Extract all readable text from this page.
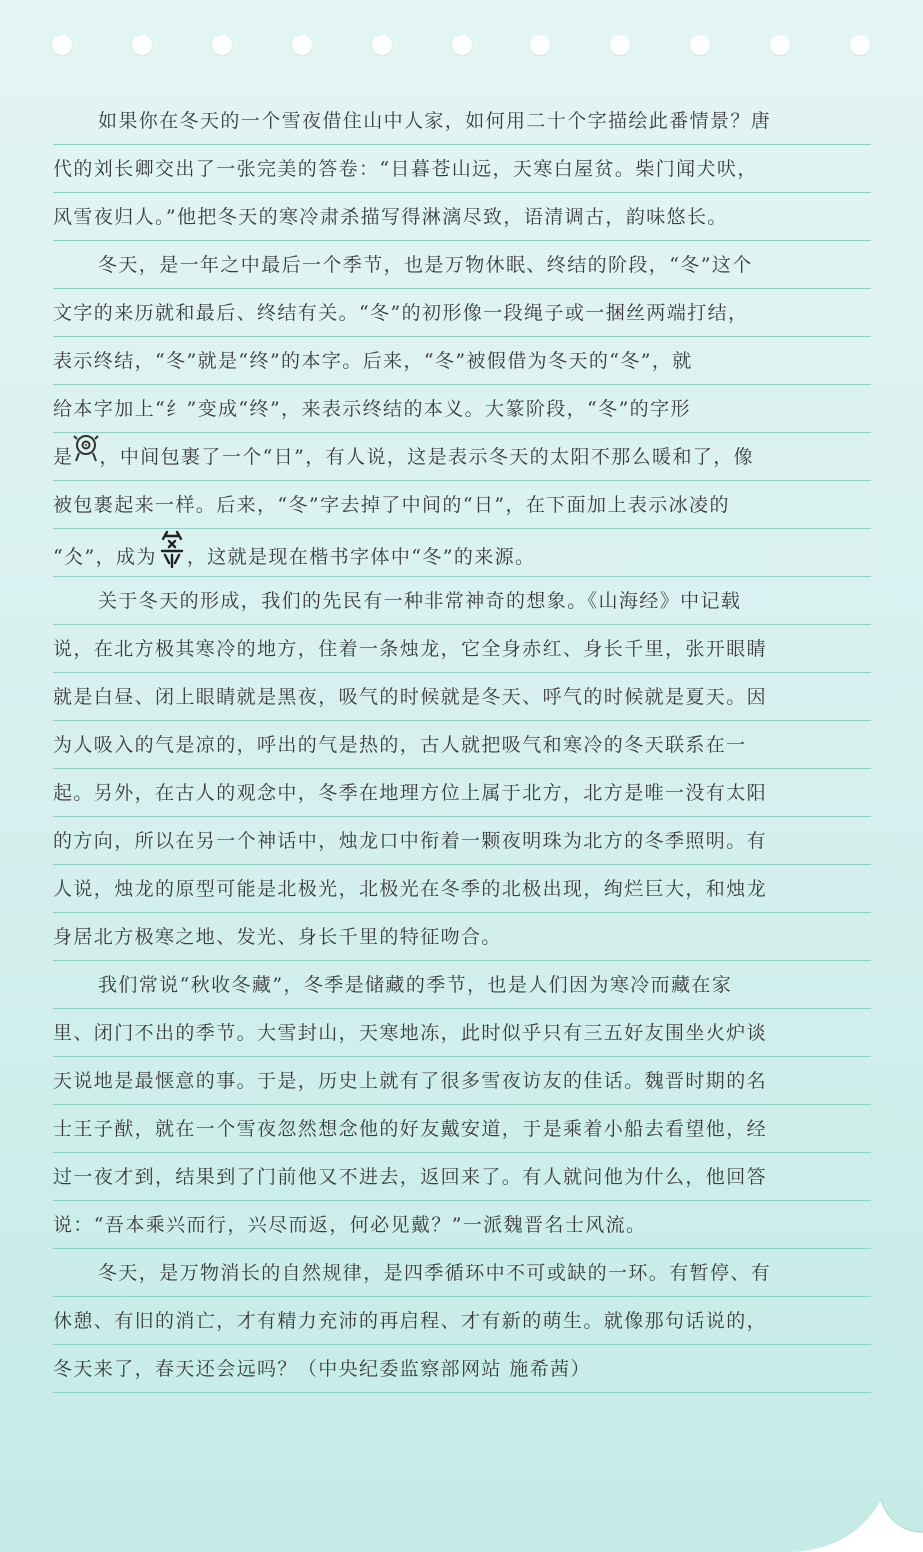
如果你在冬天的一个雪夜借住山中人家，如何用二十个字描绘此番情景？唐
代的刘长卿交出了一张完美的答卷：“日暮苍山远，天寒白屋贫。柴门闻犬吠，
风雪夜归人。”他把冬天的寒冷肃杀描写得淋漓尽致，语清调古，韵味悠长。
冬天，是一年之中最后一个季节，也是万物休眠、终结的阶段，“冬”这个
文字的来历就和最后、终结有关。“冬”的初形像一段绳子或一捆丝两端打结，
表示终结，“冬”就是“终”的本字。后来，“冬”被假借为冬天的“冬”，就
给本字加上“纟”变成“终”，来表示终结的本义。大篆阶段，“冬”的字形
是 ，中间包裹了一个“日”，有人说，这是表示冬天的太阳不那么暖和了，像
被包裹起来一样。后来，“冬”字去掉了中间的“日”，在下面加上表示冰凌的
“仌”，成为 ，这就是现在楷书字体中“冬”的来源。
关于冬天的形成，我们的先民有一种非常神奇的想象。《山海经》中记载
说，在北方极其寒冷的地方，住着一条烛龙，它全身赤红、身长千里，张开眼睛
就是白昼、闭上眼睛就是黑夜，吸气的时候就是冬天、呼气的时候就是夏天。因
为人吸入的气是凉的，呼出的气是热的，古人就把吸气和寒冷的冬天联系在一
起。另外，在古人的观念中，冬季在地理方位上属于北方，北方是唯一没有太阳
的方向，所以在另一个神话中，烛龙口中衔着一颗夜明珠为北方的冬季照明。有
人说，烛龙的原型可能是北极光，北极光在冬季的北极出现，绚烂巨大，和烛龙
身居北方极寒之地、发光、身长千里的特征吻合。
我们常说“秋收冬藏”，冬季是储藏的季节，也是人们因为寒冷而藏在家
里、闭门不出的季节。大雪封山，天寒地冻，此时似乎只有三五好友围坐火炉谈
天说地是最惬意的事。于是，历史上就有了很多雪夜访友的佳话。魏晋时期的名
士王子猷，就在一个雪夜忽然想念他的好友戴安道，于是乘着小船去看望他，经
过一夜才到，结果到了门前他又不进去，返回来了。有人就问他为什么，他回答
说：“吾本乘兴而行，兴尽而返，何必见戴？”一派魏晋名士风流。
冬天，是万物消长的自然规律，是四季循环中不可或缺的一环。有暂停、有
休憩、有旧的消亡，才有精力充沛的再启程、才有新的萌生。就像那句话说的，
冬天来了，春天还会远吗？（中央纪委监察部网站 施希茜）
